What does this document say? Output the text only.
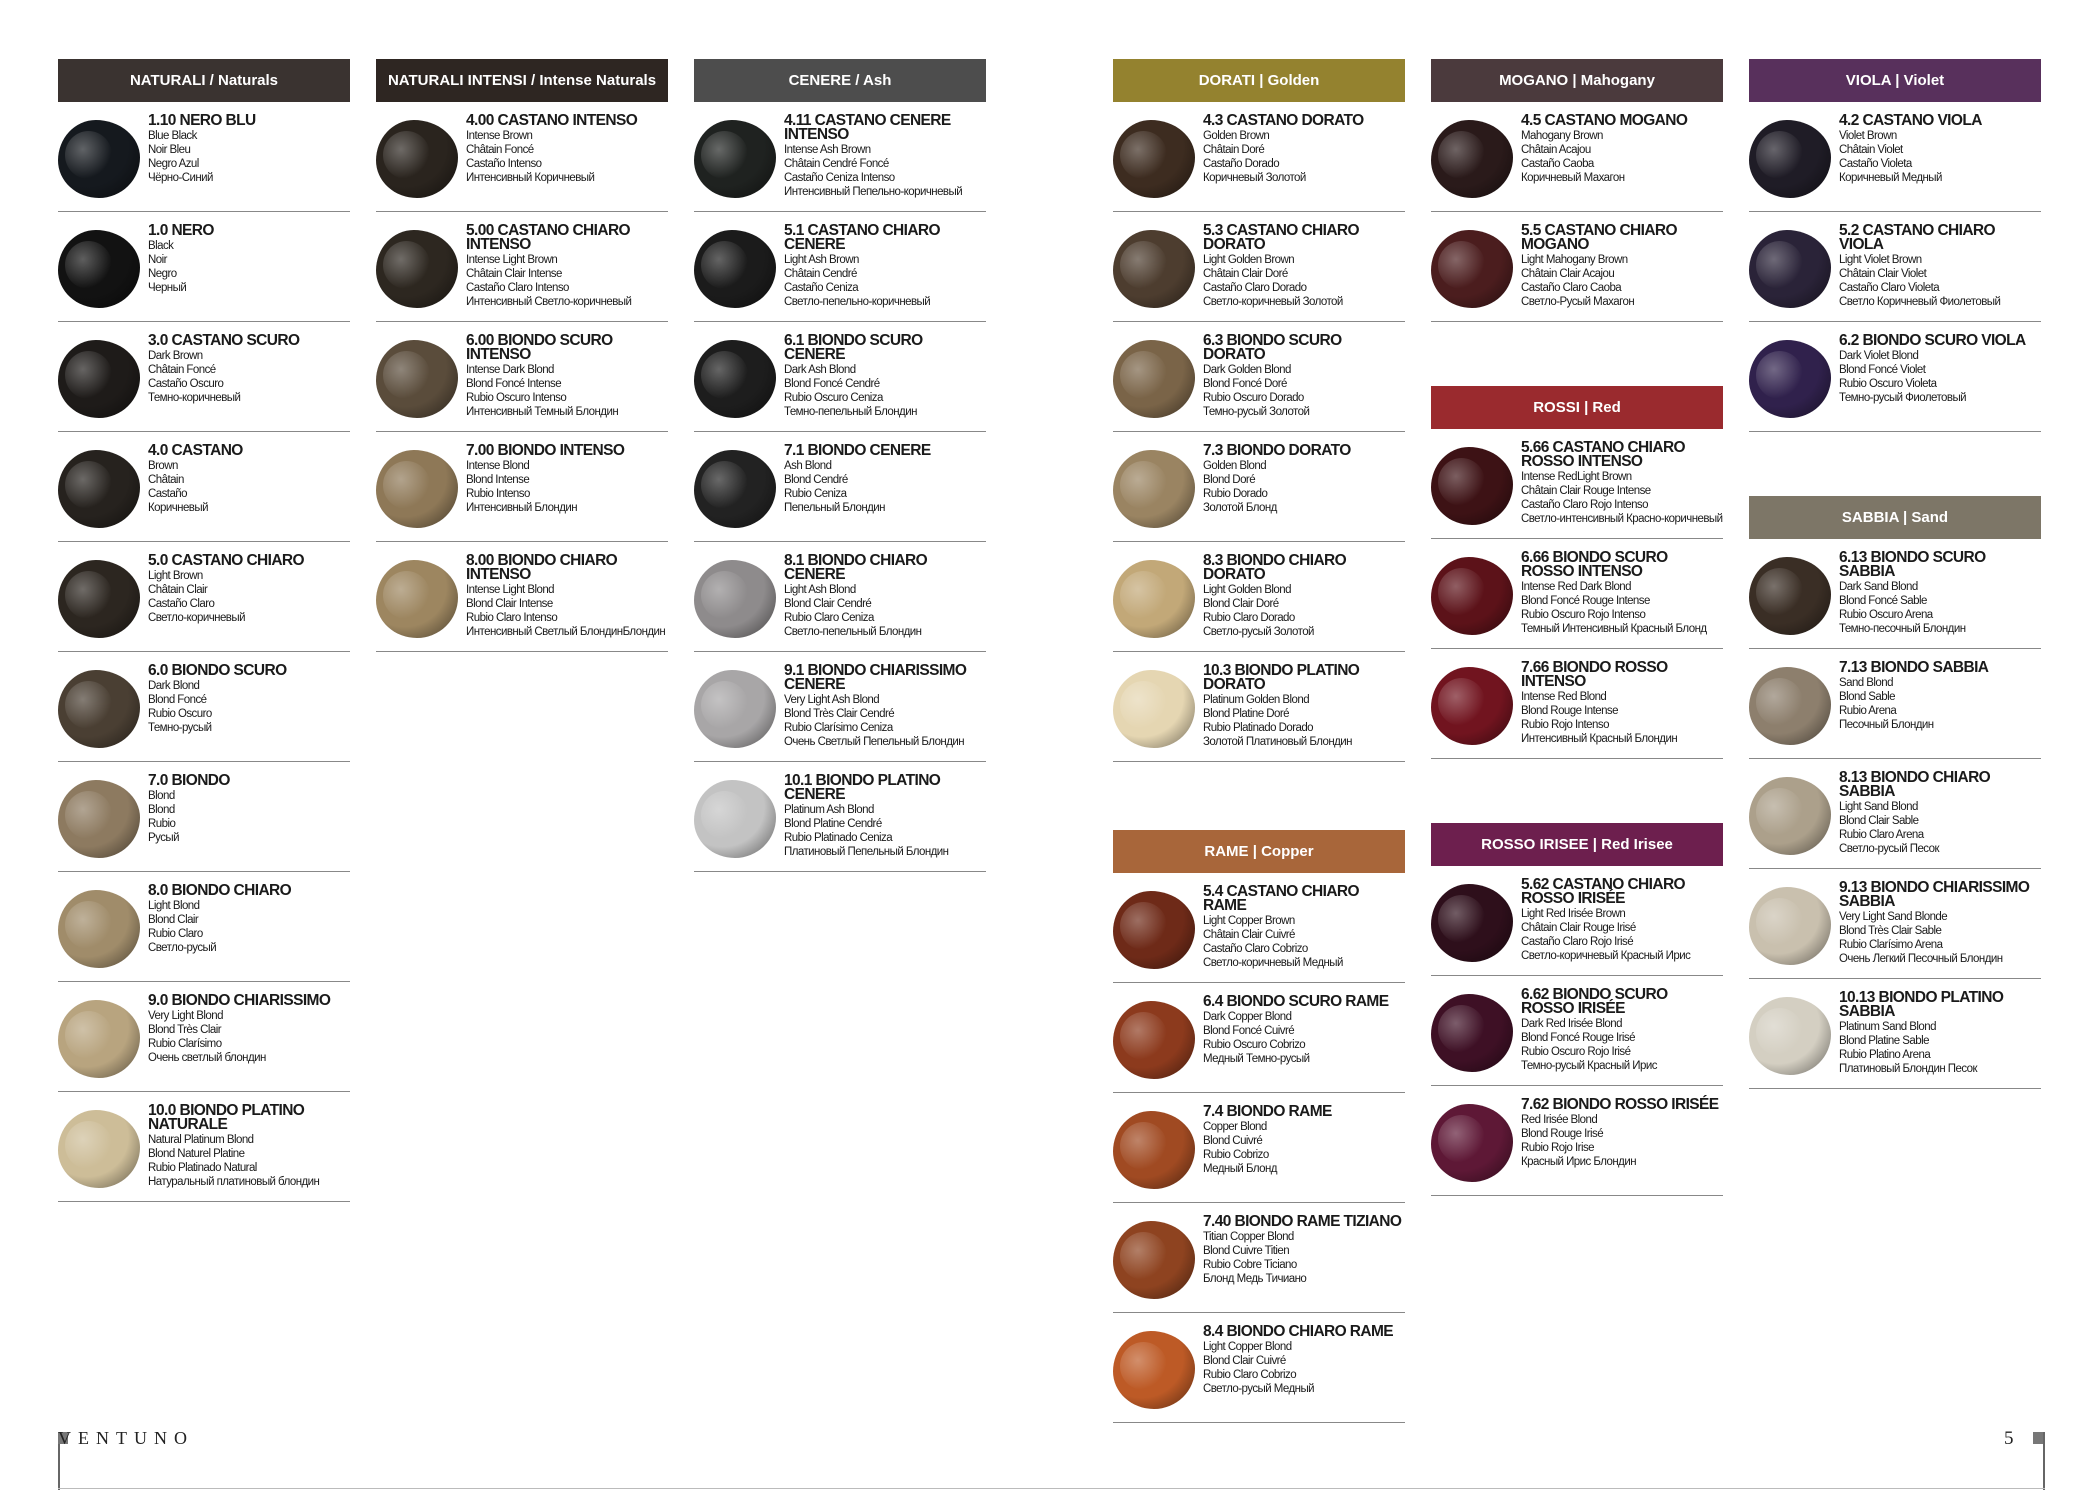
NATURALI / Naturals
1.10 NERO BLU
Blue Black
Noir Bleu
Negro Azul
Чёрно-Синий
1.0 NERO
Black
Noir
Negro
Черный
3.0 CASTANO SCURO
Dark Brown
Châtain Foncé
Castaño Oscuro
Темно-коричневый
4.0 CASTANO
Brown
Châtain
Castaño
Коричневый
5.0 CASTANO CHIARO
Light Brown
Châtain Clair
Castaño Claro
Светло-коричневый
6.0 BIONDO SCURO
Dark Blond
Blond Foncé
Rubio Oscuro
Темно-русый
7.0 BIONDO
Blond
Blond
Rubio
Русый
8.0 BIONDO CHIARO
Light Blond
Blond Clair
Rubio Claro
Светло-русый
9.0 BIONDO CHIARISSIMO
Very Light Blond
Blond Très Clair
Rubio Clarísimo
Очень светлый блондин
10.0 BIONDO PLATINO NATURALE
Natural Platinum Blond
Blond Naturel Platine
Rubio Platinado Natural
Натуральный платиновый блондин
NATURALI INTENSI / Intense Naturals
4.00 CASTANO INTENSO
Intense Brown
Châtain Foncé
Castaño Intenso
Интенсивный Коричневый
5.00 CASTANO CHIARO INTENSO
Intense Light Brown
Châtain Clair Intense
Castaño Claro Intenso
Интенсивный Светло-коричневый
6.00 BIONDO SCURO INTENSO
Intense Dark Blond
Blond Foncé Intense
Rubio Oscuro Intenso
Интенсивный Темный Блондин
7.00 BIONDO INTENSO
Intense Blond
Blond Intense
Rubio Intenso
Интенсивный Блондин
8.00 BIONDO CHIARO INTENSO
Intense Light Blond
Blond Clair Intense
Rubio Claro Intenso
Интенсивный Светлый БлондинБлондин
CENERE / Ash
4.11 CASTANO CENERE INTENSO
Intense Ash Brown
Châtain Cendré Foncé
Castaño Ceniza Intenso
Интенсивный Пепельно-коричневый
5.1 CASTANO CHIARO CENERE
Light Ash Brown
Châtain Cendré
Castaño Ceniza
Светло-пепельно-коричневый
6.1 BIONDO SCURO CENERE
Dark Ash Blond
Blond Foncé Cendré
Rubio Oscuro Ceniza
Темно-пепельный Блондин
7.1 BIONDO CENERE
Ash Blond
Blond Cendré
Rubio Ceniza
Пепельный Блондин
8.1 BIONDO CHIARO CENERE
Light Ash Blond
Blond Clair Cendré
Rubio Claro Ceniza
Светло-пепельный Блондин
9.1 BIONDO CHIARISSIMO CENERE
Very Light Ash Blond
Blond Très Clair Cendré
Rubio Clarísimo Ceniza
Очень Светлый Пепельный Блондин
10.1 BIONDO PLATINO CENERE
Platinum Ash Blond
Blond Platine Cendré
Rubio Platinado Ceniza
Платиновый Пепельный Блондин
DORATI | Golden
4.3 CASTANO DORATO
Golden Brown
Châtain Doré
Castaño Dorado
Коричневый Золотой
5.3 CASTANO CHIARO DORATO
Light Golden Brown
Châtain Clair Doré
Castaño Claro Dorado
Светло-коричневый Золотой
6.3 BIONDO SCURO DORATO
Dark Golden Blond
Blond Foncé Doré
Rubio Oscuro Dorado
Темно-русый Золотой
7.3 BIONDO DORATO
Golden Blond
Blond Doré
Rubio Dorado
Золотой Блонд
8.3 BIONDO CHIARO DORATO
Light Golden Blond
Blond Clair Doré
Rubio Claro Dorado
Светло-русый Золотой
10.3 BIONDO PLATINO DORATO
Platinum Golden Blond
Blond Platine Doré
Rubio Platinado Dorado
Золотой Платиновый Блондин
RAME | Copper
5.4 CASTANO CHIARO RAME
Light Copper Brown
Châtain Clair Cuivré
Castaño Claro Cobrizo
Светло-коричневый Медный
6.4 BIONDO SCURO RAME
Dark Copper Blond
Blond Foncé Cuivré
Rubio Oscuro Cobrizo
Медный Темно-русый
7.4 BIONDO RAME
Copper Blond
Blond Cuivré
Rubio Cobrizo
Медный Блонд
7.40 BIONDO RAME TIZIANO
Titian Copper Blond
Blond Cuivre Titien
Rubio Cobre Ticiano
Блонд Медь Тичиано
8.4 BIONDO CHIARO RAME
Light Copper Blond
Blond Clair Cuivré
Rubio Claro Cobrizo
Светло-русый Медный
MOGANO | Mahogany
4.5 CASTANO MOGANO
Mahogany Brown
Châtain Acajou
Castaño Caoba
Коричневый Махагон
5.5 CASTANO CHIARO MOGANO
Light Mahogany Brown
Châtain Clair Acajou
Castaño Claro Caoba
Светло-Русый Махагон
ROSSI | Red
5.66 CASTANO CHIARO ROSSO INTENSO
Intense RedLight Brown
Châtain Clair Rouge Intense
Castaño Claro Rojo Intenso
Светло-интенсивный Красно-коричневый
6.66 BIONDO SCURO ROSSO INTENSO
Intense Red Dark Blond
Blond Foncé Rouge Intense
Rubio Oscuro Rojo Intenso
Темный Интенсивный Красный Блонд
7.66 BIONDO ROSSO INTENSO
Intense Red Blond
Blond Rouge Intense
Rubio Rojo Intenso
Интенсивный Красный Блондин
ROSSO IRISEE | Red Irisee
5.62 CASTANO CHIARO ROSSO IRISÉE
Light Red Irisée Brown
Châtain Clair Rouge Irisé
Castaño Claro Rojo Irisé
Светло-коричневый Красный Ирис
6.62 BIONDO SCURO ROSSO IRISÉE
Dark Red Irisée Blond
Blond Foncé Rouge Irisé
Rubio Oscuro Rojo Irisé
Темно-русый Красный Ирис
7.62 BIONDO ROSSO IRISÉE
Red Irisée Blond
Blond Rouge Irisé
Rubio Rojo Irise
Красный Ирис Блондин
VIOLA | Violet
4.2 CASTANO VIOLA
Violet Brown
Châtain Violet
Castaño Violeta
Коричневый Медный
5.2 CASTANO CHIARO VIOLA
Light Violet Brown
Châtain Clair Violet
Castaño Claro Violeta
Светло Коричневый Фиолетовый
6.2 BIONDO SCURO VIOLA
Dark Violet Blond
Blond Foncé Violet
Rubio Oscuro Violeta
Темно-русый Фиолетовый
SABBIA | Sand
6.13 BIONDO SCURO SABBIA
Dark Sand Blond
Blond Foncé Sable
Rubio Oscuro Arena
Темно-песочный Блондин
7.13 BIONDO SABBIA
Sand Blond
Blond Sable
Rubio Arena
Песочный Блондин
8.13 BIONDO CHIARO SABBIA
Light Sand Blond
Blond Clair Sable
Rubio Claro Arena
Светло-русый Песок
9.13 BIONDO CHIARISSIMO SABBIA
Very Light Sand Blonde
Blond Très Clair Sable
Rubio Clarísimo Arena
Очень Легкий Песочный Блондин
10.13 BIONDO PLATINO SABBIA
Platinum Sand Blond
Blond Platine Sable
Rubio Platino Arena
Платиновый Блондин Песок
VENTUNO	5
